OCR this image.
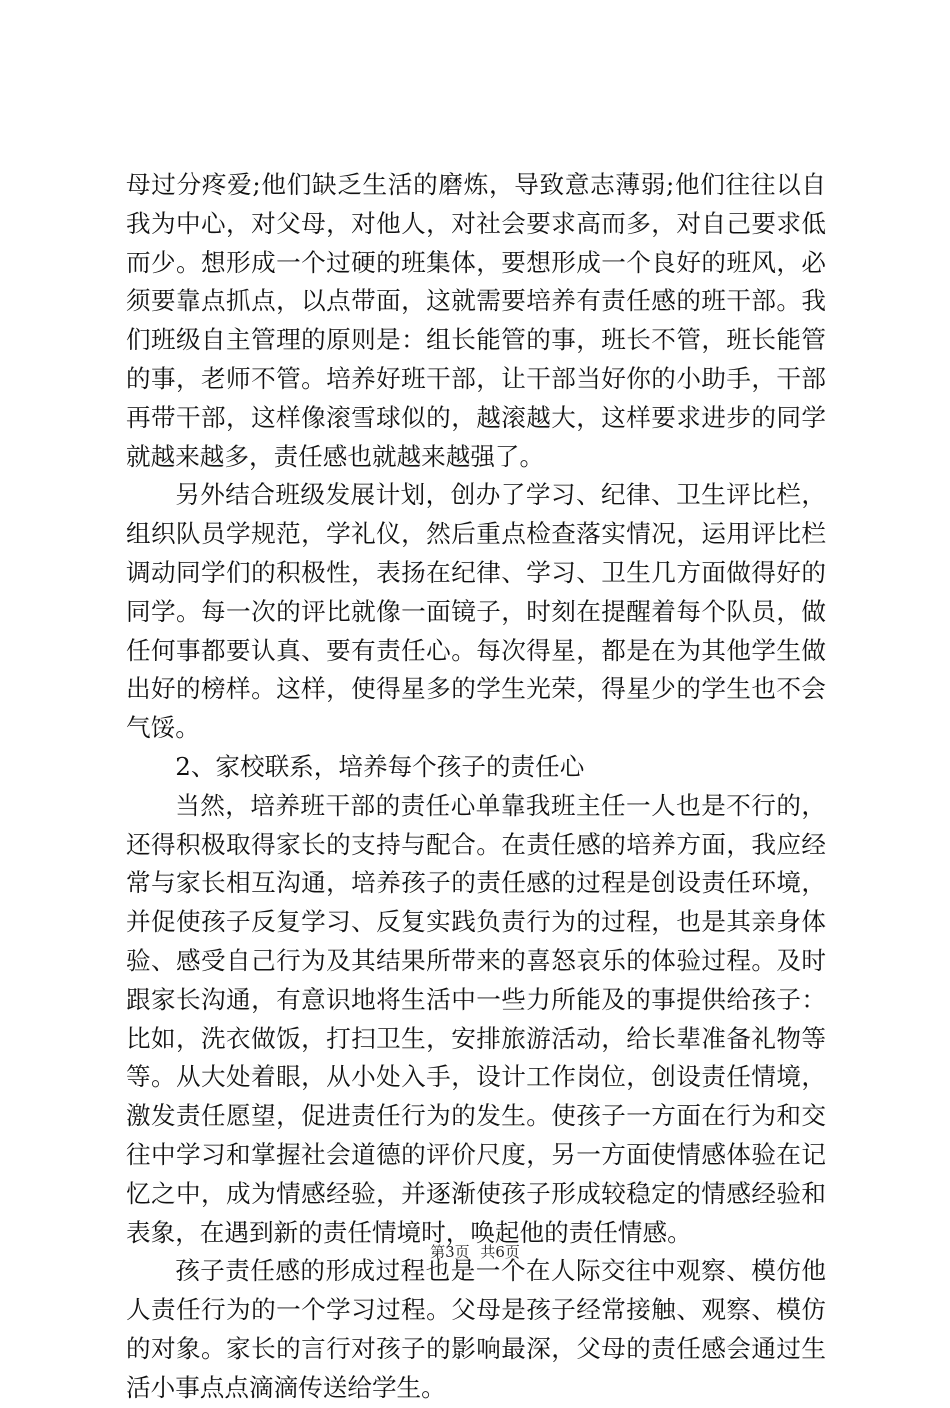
母过分疼爱;他们缺乏生活的磨炼，导致意志薄弱;他们往往以自我为中心，对父母，对他人，对社会要求高而多，对自己要求低而少。想形成一个过硬的班集体，要想形成一个良好的班风，必须要靠点抓点，以点带面，这就需要培养有责任感的班干部。我们班级自主管理的原则是：组长能管的事，班长不管，班长能管的事，老师不管。培养好班干部，让干部当好你的小助手，干部再带干部，这样像滚雪球似的，越滚越大，这样要求进步的同学就越来越多，责任感也就越来越强了。

另外结合班级发展计划，创办了学习、纪律、卫生评比栏，组织队员学规范，学礼仪，然后重点检查落实情况，运用评比栏调动同学们的积极性，表扬在纪律、学习、卫生几方面做得好的同学。每一次的评比就像一面镜子，时刻在提醒着每个队员，做任何事都要认真、要有责任心。每次得星，都是在为其他学生做出好的榜样。这样，使得星多的学生光荣，得星少的学生也不会气馁。

2、家校联系，培养每个孩子的责任心

当然，培养班干部的责任心单靠我班主任一人也是不行的，还得积极取得家长的支持与配合。在责任感的培养方面，我应经常与家长相互沟通，培养孩子的责任感的过程是创设责任环境，并促使孩子反复学习、反复实践负责行为的过程，也是其亲身体验、感受自己行为及其结果所带来的喜怒哀乐的体验过程。及时跟家长沟通，有意识地将生活中一些力所能及的事提供给孩子：比如，洗衣做饭，打扫卫生，安排旅游活动，给长辈准备礼物等等。从大处着眼，从小处入手，设计工作岗位，创设责任情境，激发责任愿望，促进责任行为的发生。使孩子一方面在行为和交往中学习和掌握社会道德的评价尺度，另一方面使情感体验在记忆之中，成为情感经验，并逐渐使孩子形成较稳定的情感经验和表象，在遇到新的责任情境时，唤起他的责任情感。

孩子责任感的形成过程也是一个在人际交往中观察、模仿他人责任行为的一个学习过程。父母是孩子经常接触、观察、模仿的对象。家长的言行对孩子的影响最深，父母的责任感会通过生活小事点点滴滴传送给学生。

第3页 共6页
